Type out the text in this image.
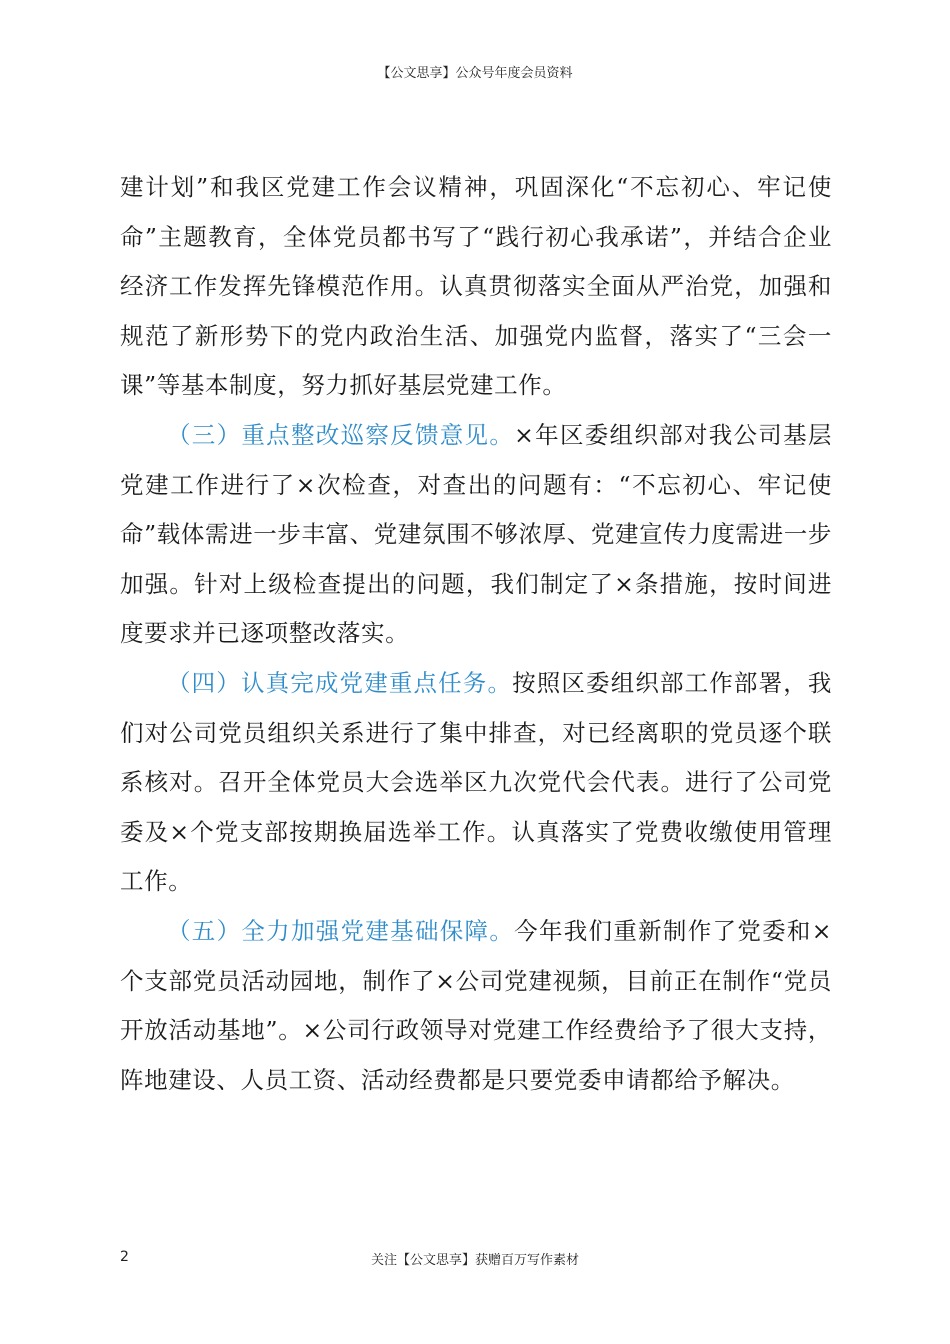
【公文思享】公众号年度会员资料

建计划”和我区党建工作会议精神，巩固深化“不忘初心、牢记使命”主题教育，全体党员都书写了“践行初心我承诺”，并结合企业经济工作发挥先锋模范作用。认真贯彻落实全面从严治党，加强和规范了新形势下的党内政治生活、加强党内监督，落实了“三会一课”等基本制度，努力抓好基层党建工作。

（三）重点整改巡察反馈意见。×年区委组织部对我公司基层党建工作进行了×次检查，对查出的问题有：“不忘初心、牢记使命”载体需进一步丰富、党建氛围不够浓厚、党建宣传力度需进一步加强。针对上级检查提出的问题，我们制定了×条措施，按时间进度要求并已逐项整改落实。

（四）认真完成党建重点任务。按照区委组织部工作部署，我们对公司党员组织关系进行了集中排查，对已经离职的党员逐个联系核对。召开全体党员大会选举区九次党代会代表。进行了公司党委及×个党支部按期换届选举工作。认真落实了党费收缴使用管理工作。

（五）全力加强党建基础保障。今年我们重新制作了党委和×个支部党员活动园地，制作了×公司党建视频，目前正在制作“党员开放活动基地”。×公司行政领导对党建工作经费给予了很大支持，阵地建设、人员工资、活动经费都是只要党委申请都给予解决。

2	关注【公文思享】获赠百万写作素材
